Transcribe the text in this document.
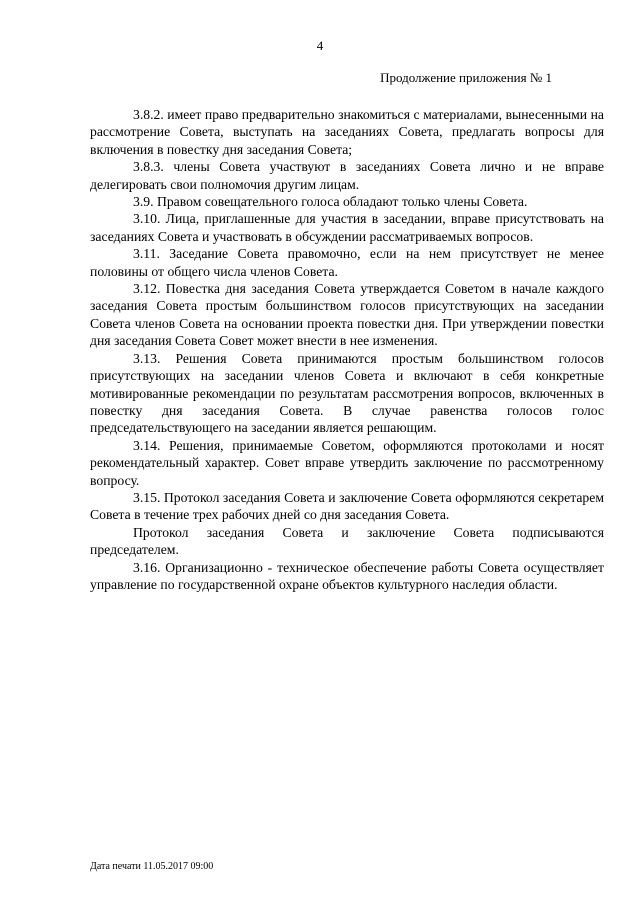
4
Продолжение приложения № 1

3.8.2. имеет право предварительно знакомиться с материалами, вынесенными на рассмотрение Совета, выступать на заседаниях Совета, предлагать вопросы для включения в повестку дня заседания Совета;

3.8.3. члены Совета участвуют в заседаниях Совета лично и не вправе делегировать свои полномочия другим лицам.

3.9. Правом совещательного голоса обладают только члены Совета.

3.10. Лица, приглашенные для участия в заседании, вправе присутствовать на заседаниях Совета и участвовать в обсуждении рассматриваемых вопросов.

3.11. Заседание Совета правомочно, если на нем присутствует не менее половины от общего числа членов Совета.

3.12. Повестка дня заседания Совета утверждается Советом в начале каждого заседания Совета простым большинством голосов присутствующих на заседании Совета членов Совета на основании проекта повестки дня. При утверждении повестки дня заседания Совета Совет может внести в нее изменения.

3.13. Решения Совета принимаются простым большинством голосов присутствующих на заседании членов Совета и включают в себя конкретные мотивированные рекомендации по результатам рассмотрения вопросов, включенных в повестку дня заседания Совета. В случае равенства голосов голос председательствующего на заседании является решающим.

3.14. Решения, принимаемые Советом, оформляются протоколами и носят рекомендательный характер. Совет вправе утвердить заключение по рассмотренному вопросу.

3.15. Протокол заседания Совета и заключение Совета оформляются секретарем Совета в течение трех рабочих дней со дня заседания Совета.

Протокол заседания Совета и заключение Совета подписываются председателем.

3.16. Организационно - техническое обеспечение работы Совета осуществляет управление по государственной охране объектов культурного наследия области.

Дата печати 11.05.2017 09:00
